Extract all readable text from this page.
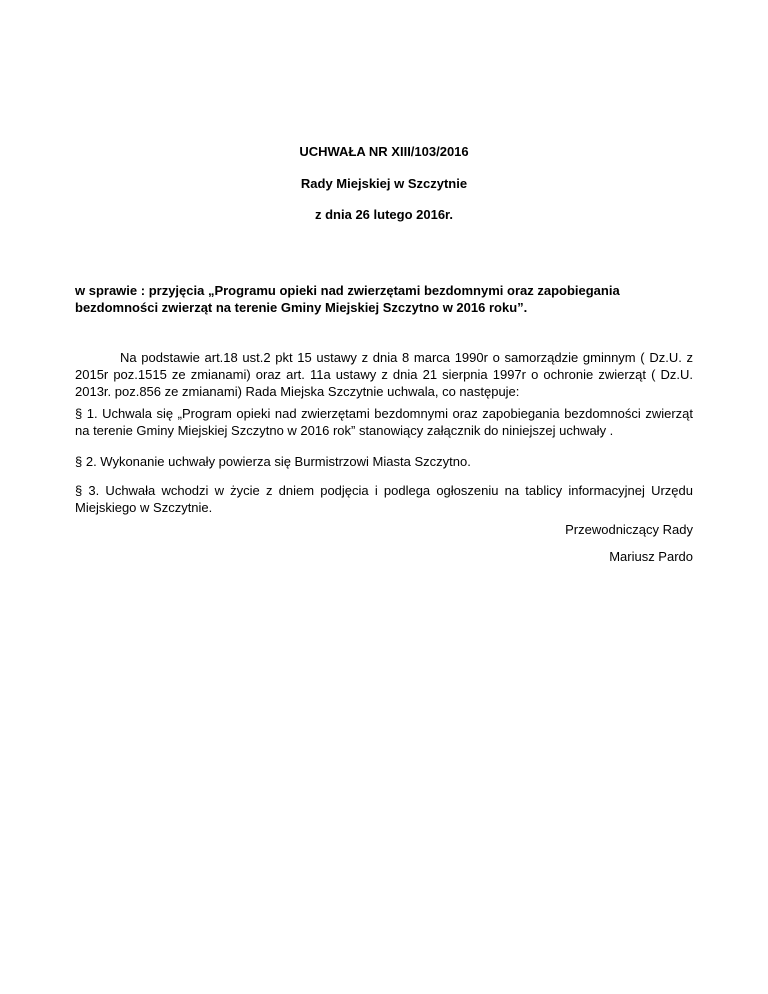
UCHWAŁA NR XIII/103/2016
Rady Miejskiej w Szczytnie
z dnia 26 lutego 2016r.
w sprawie : przyjęcia „Programu opieki nad zwierzętami bezdomnymi oraz zapobiegania
bezdomności zwierząt na terenie Gminy Miejskiej Szczytno w 2016 roku”.
Na podstawie art.18 ust.2 pkt 15 ustawy z dnia 8 marca 1990r o samorządzie gminnym ( Dz.U. z
2015r poz.1515 ze zmianami) oraz art. 11a ustawy z dnia 21 sierpnia 1997r o ochronie zwierząt ( Dz.U.
2013r. poz.856 ze zmianami) Rada Miejska Szczytnie uchwala, co następuje:
§ 1. Uchwala się „Program opieki nad zwierzętami bezdomnymi oraz zapobiegania bezdomności zwierząt
na terenie Gminy Miejskiej Szczytno w 2016 rok” stanowiący załącznik do niniejszej uchwały .
§ 2. Wykonanie uchwały powierza się Burmistrzowi Miasta Szczytno.
§ 3. Uchwała wchodzi w życie z dniem podjęcia i podlega ogłoszeniu na tablicy informacyjnej Urzędu
Miejskiego w Szczytnie.
Przewodniczący Rady
Mariusz Pardo
